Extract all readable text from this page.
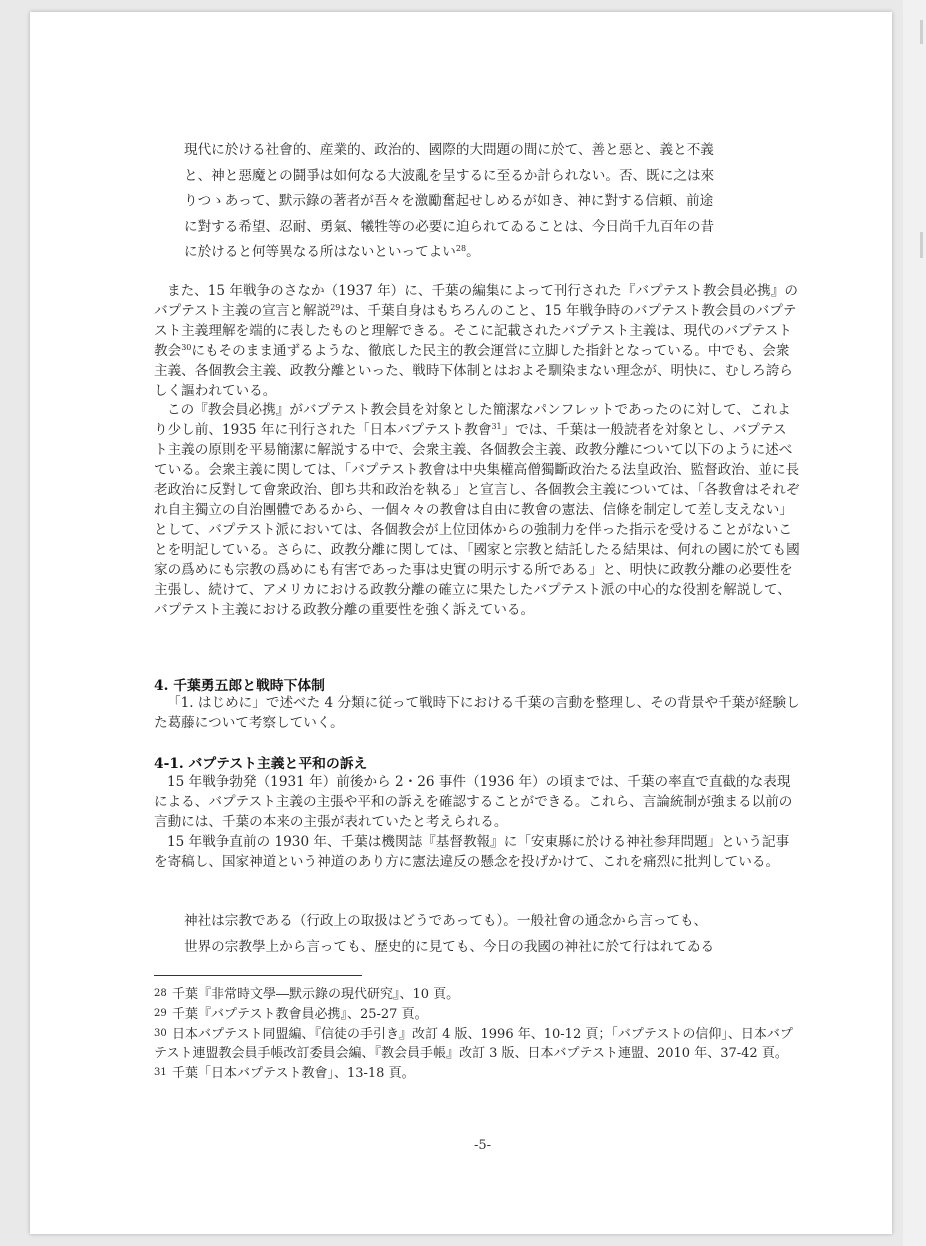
現代に於ける社會的、産業的、政治的、國際的大問題の間に於て、善と惡と、義と不義

と、神と惡魔との鬪爭は如何なる大波亂を呈するに至るか計られない。否、既に之は來

りつゝあって、默示錄の著者が吾々を激勵奮起せしめるが如き、神に對する信頼、前途

に對する希望、忍耐、勇氣、犧牲等の必要に迫られてゐることは、今日尚千九百年の昔

に於けると何等異なる所はないといってよい$^{28}$。

また、15 年戦争のさなか（1937 年）に、千葉の編集によって刊行された『バプテスト教会員必携』のバプテスト主義の宣言と解説$^{29}$は、千葉自身はもちろんのこと、15 年戦争時のバプテスト教会員のバプテスト主義理解を端的に表したものと理解できる。そこに記載されたバプテスト主義は、現代のバプテスト教会$^{30}$にもそのまま通ずるような、徹底した民主的教会運営に立脚した指針となっている。中でも、会衆主義、各個教会主義、政教分離といった、戦時下体制とはおよそ馴染まない理念が、明快に、むしろ誇らしく謳われている。

この『教会員必携』がバプテスト教会員を対象とした簡潔なパンフレットであったのに対して、これより少し前、1935 年に刊行された「日本バプテスト教會$^{31}$」では、千葉は一般読者を対象とし、バプテスト主義の原則を平易簡潔に解説する中で、会衆主義、各個教会主義、政教分離について以下のように述べている。会衆主義に関しては、「バプテスト教會は中央集權高僧獨斷政治たる法皇政治、監督政治、並に長老政治に反對して會衆政治、卽ち共和政治を執る」と宣言し、各個教会主義については、「各教會はそれぞれ自主獨立の自治團體であるから、一個々々の教會は自由に教會の憲法、信條を制定して差し支えない」として、バプテスト派においては、各個教会が上位団体からの強制力を伴った指示を受けることがないことを明記している。さらに、政教分離に関しては、「國家と宗教と結託したる結果は、何れの國に於ても國家の爲めにも宗教の爲めにも有害であった事は史實の明示する所である」と、明快に政教分離の必要性を主張し、続けて、アメリカにおける政教分離の確立に果たしたバプテスト派の中心的な役割を解説して、バプテスト主義における政教分離の重要性を強く訴えている。

4. 千葉勇五郎と戦時下体制

「1. はじめに」で述べた 4 分類に従って戦時下における千葉の言動を整理し、その背景や千葉が経験した葛藤について考察していく。

4-1. バプテスト主義と平和の訴え

15 年戦争勃発（1931 年）前後から 2・26 事件（1936 年）の頃までは、千葉の率直で直截的な表現による、バプテスト主義の主張や平和の訴えを確認することができる。これら、言論統制が強まる以前の言動には、千葉の本来の主張が表れていたと考えられる。

15 年戦争直前の 1930 年、千葉は機関誌『基督教報』に「安東縣に於ける神社参拜問題」という記事を寄稿し、国家神道という神道のあり方に憲法違反の懸念を投げかけて、これを痛烈に批判している。

神社は宗教である（行政上の取扱はどうであっても）。一般社會の通念から言っても、

世界の宗教學上から言っても、歴史的に見ても、今日の我國の神社に於て行はれてゐる

28 千葉『非常時文學―默示錄の現代研究』、10 頁。

29 千葉『バプテスト教會員必携』、25-27 頁。

30 日本バプテスト同盟編、『信徒の手引き』改訂 4 版、1996 年、10-12 頁；「バプテストの信仰」、日本バプテスト連盟教会員手帳改訂委員会編、『教会員手帳』改訂 3 版、日本バプテスト連盟、2010 年、37-42 頁。

31 千葉「日本バプテスト教會」、13-18 頁。

-5-
